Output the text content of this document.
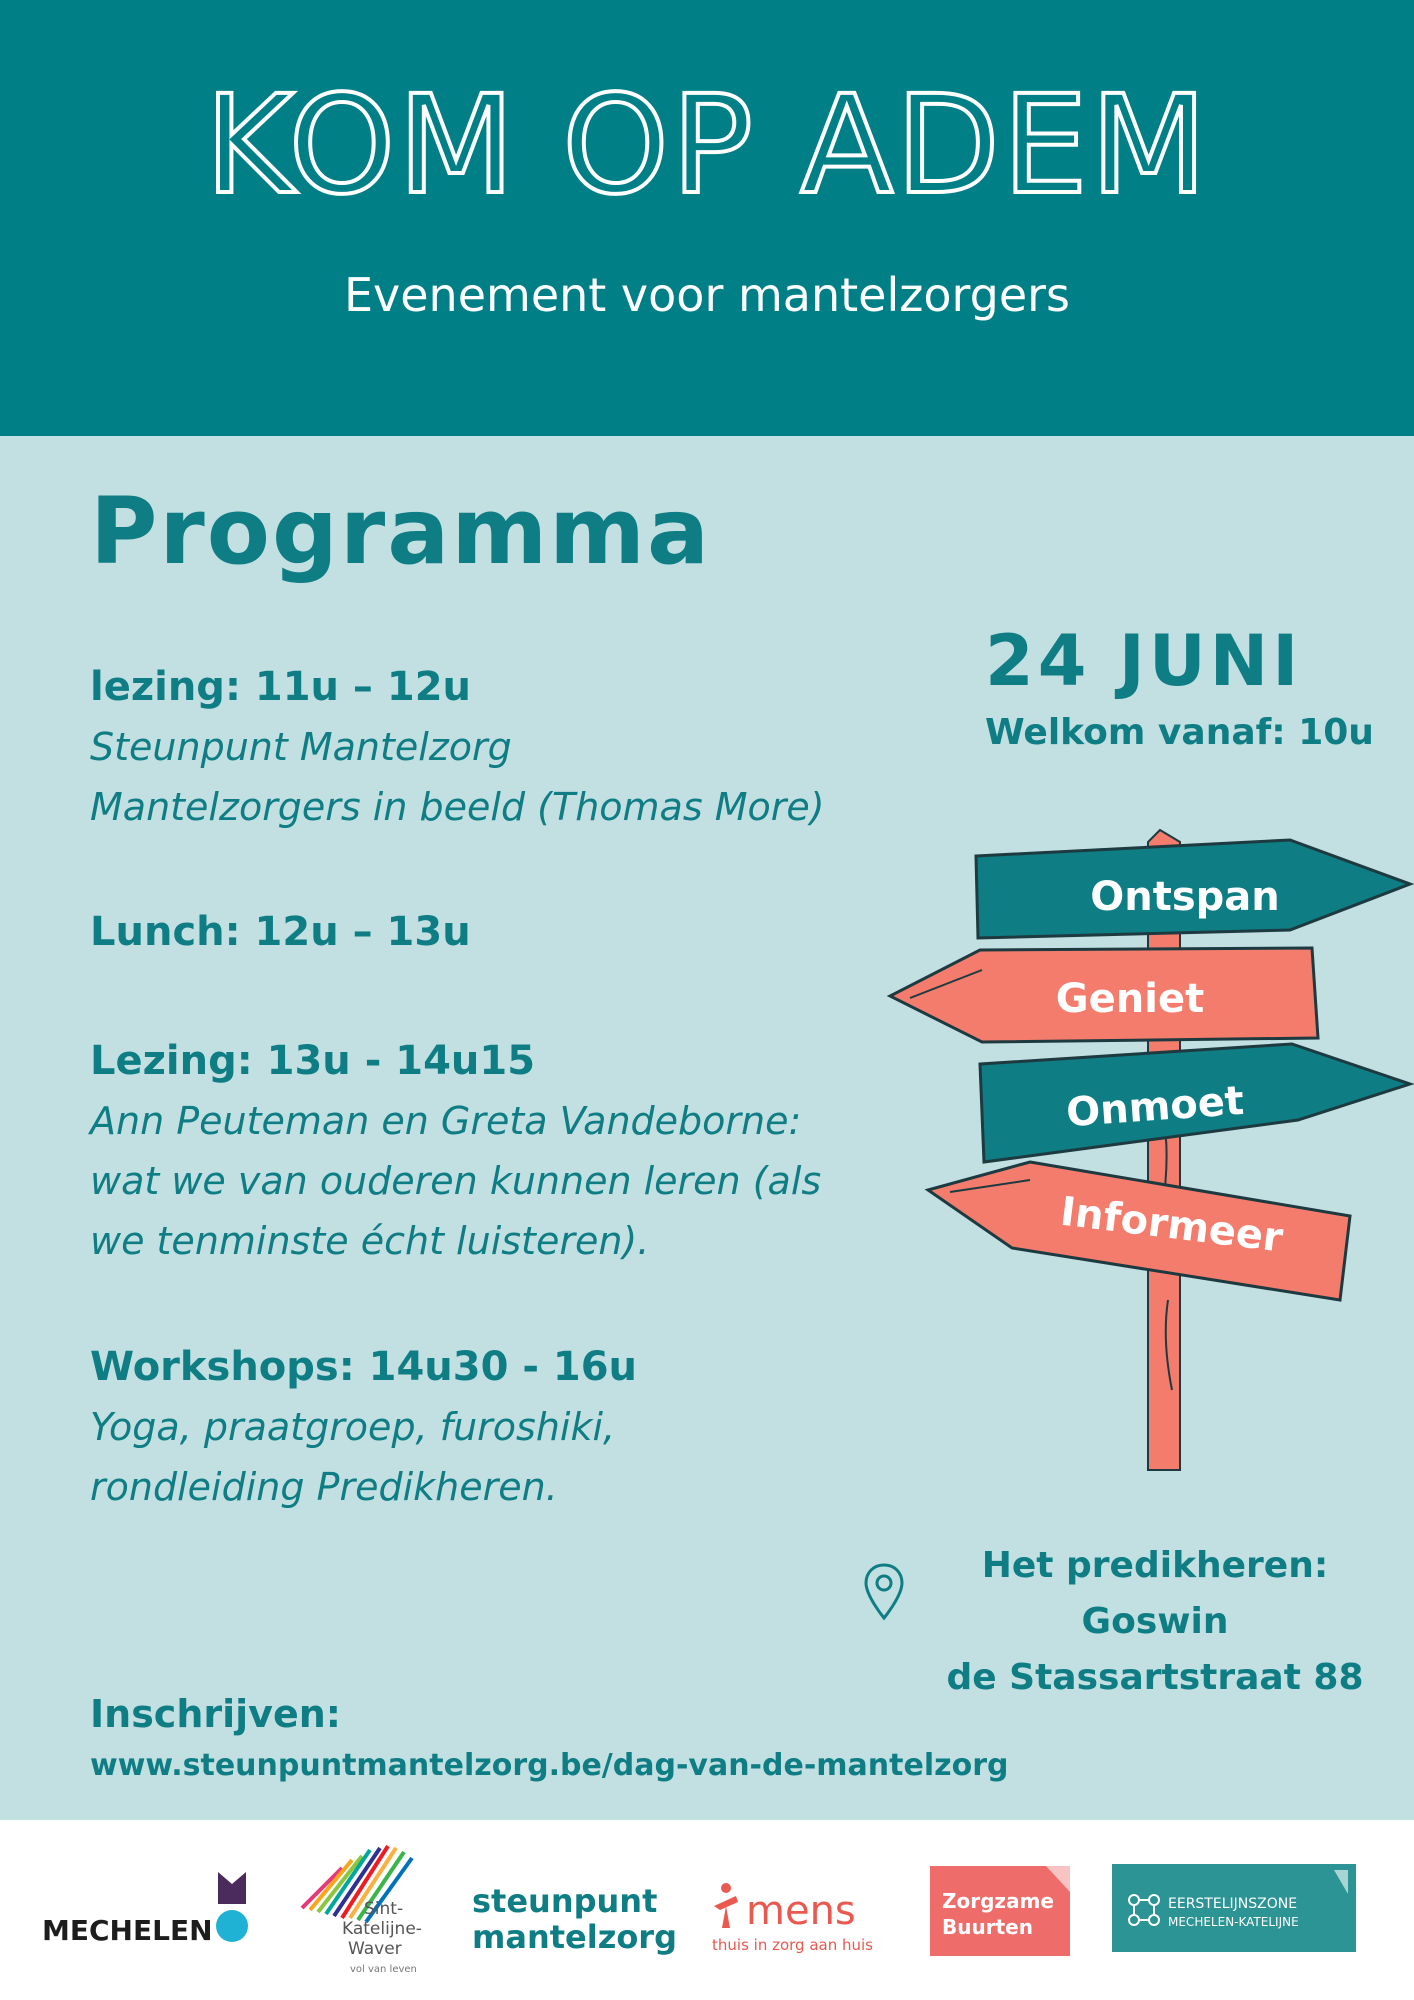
KOM OP ADEM
Evenement voor mantelzorgers
Programma
lezing: 11u – 12u
Steunpunt Mantelzorg
Mantelzorgers in beeld (Thomas More)
Lunch: 12u – 13u
Lezing: 13u - 14u15
Ann Peuteman en Greta Vandeborne:
wat we van ouderen kunnen leren (als
we tenminste écht luisteren).
Workshops: 14u30 - 16u
Yoga, praatgroep, furoshiki,
rondleiding Predikheren.
24 JUNI
Welkom vanaf: 10u
Ontspan
Geniet
Onmoet
Informeer
Het predikheren: Goswin
de Stassartstraat 88
Inschrijven:
www.steunpuntmantelzorg.be/dag-van-de-mantelzorg
MECHELEN
Sint-
Katelijne-
Waver
vol van leven
steunpunt
mantelzorg
mens
thuis in zorg aan huis
Zorgzame
Buurten
EERSTELIJNSZONE
MECHELEN-KATELIJNE
